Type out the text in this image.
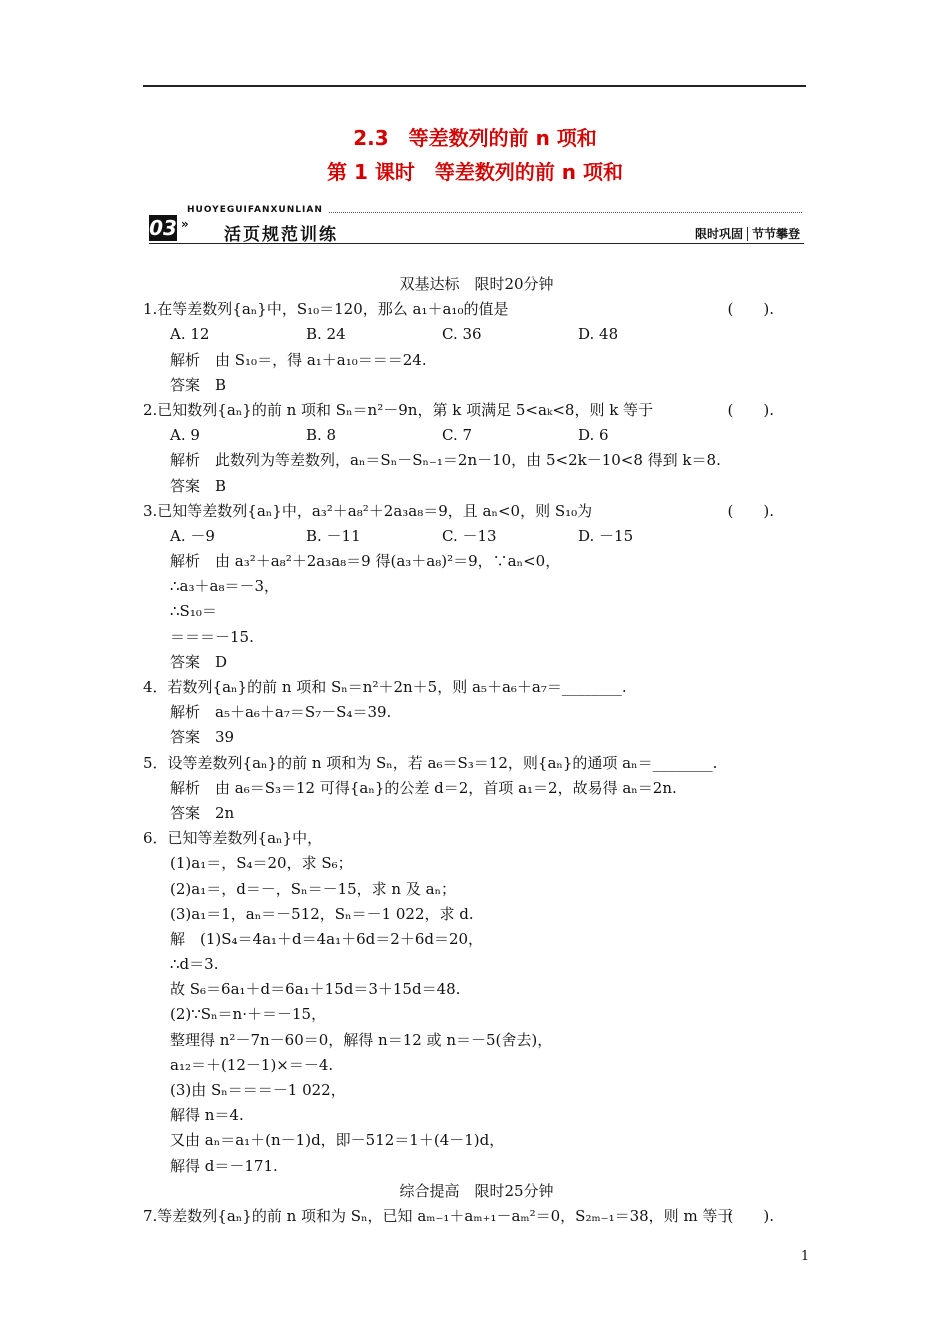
2.3　等差数列的前 n 项和
第 1 课时　等差数列的前 n 项和
HUOYEGUIFANXUNLIAN
03 »
活页规范训练	限时巩固 节节攀登
双基达标　限时20分钟
1.在等差数列{aₙ}中，S₁₀＝120，那么 a₁＋a₁₀的值是	(　　).
A. 12	B. 24	C. 36	D. 48
解析　由 S₁₀＝，得 a₁＋a₁₀＝＝＝24.
答案　B
2.已知数列{aₙ}的前 n 项和 Sₙ＝n²－9n，第 k 项满足 5<aₖ<8，则 k 等于	(　　).
A. 9	B. 8	C. 7	D. 6
解析　此数列为等差数列，aₙ＝Sₙ－Sₙ₋₁＝2n－10，由 5<2k－10<8 得到 k＝8.
答案　B
3.已知等差数列{aₙ}中，a₃²＋a₈²＋2a₃a₈＝9，且 aₙ<0，则 S₁₀为	(　　).
A. －9	B. －11	C. －13	D. －15
解析　由 a₃²＋a₈²＋2a₃a₈＝9 得(a₃＋a₈)²＝9，∵aₙ<0，
∴a₃＋a₈＝－3，
∴S₁₀＝
＝＝＝－15.
答案　D
4．若数列{aₙ}的前 n 项和 Sₙ＝n²＋2n＋5，则 a₅＋a₆＋a₇＝________.
解析　a₅＋a₆＋a₇＝S₇－S₄＝39.
答案　39
5．设等差数列{aₙ}的前 n 项和为 Sₙ，若 a₆＝S₃＝12，则{aₙ}的通项 aₙ＝________.
解析　由 a₆＝S₃＝12 可得{aₙ}的公差 d＝2，首项 a₁＝2，故易得 aₙ＝2n.
答案　2n
6．已知等差数列{aₙ}中，
(1)a₁＝，S₄＝20，求 S₆；
(2)a₁＝，d＝－，Sₙ＝－15，求 n 及 aₙ；
(3)a₁＝1，aₙ＝－512，Sₙ＝－1 022，求 d.
解　(1)S₄＝4a₁＋d＝4a₁＋6d＝2＋6d＝20，
∴d＝3.
故 S₆＝6a₁＋d＝6a₁＋15d＝3＋15d＝48.
(2)∵Sₙ＝n·＋＝－15，
整理得 n²－7n－60＝0，解得 n＝12 或 n＝－5(舍去)，
a₁₂＝＋(12－1)×＝－4.
(3)由 Sₙ＝＝＝－1 022，
解得 n＝4.
又由 aₙ＝a₁＋(n－1)d，即－512＝1＋(4－1)d，
解得 d＝－171.
综合提高　限时25分钟
7.等差数列{aₙ}的前 n 项和为 Sₙ，已知 aₘ₋₁＋aₘ₊₁－aₘ²＝0，S₂ₘ₋₁＝38，则 m 等于
(　　).
1
